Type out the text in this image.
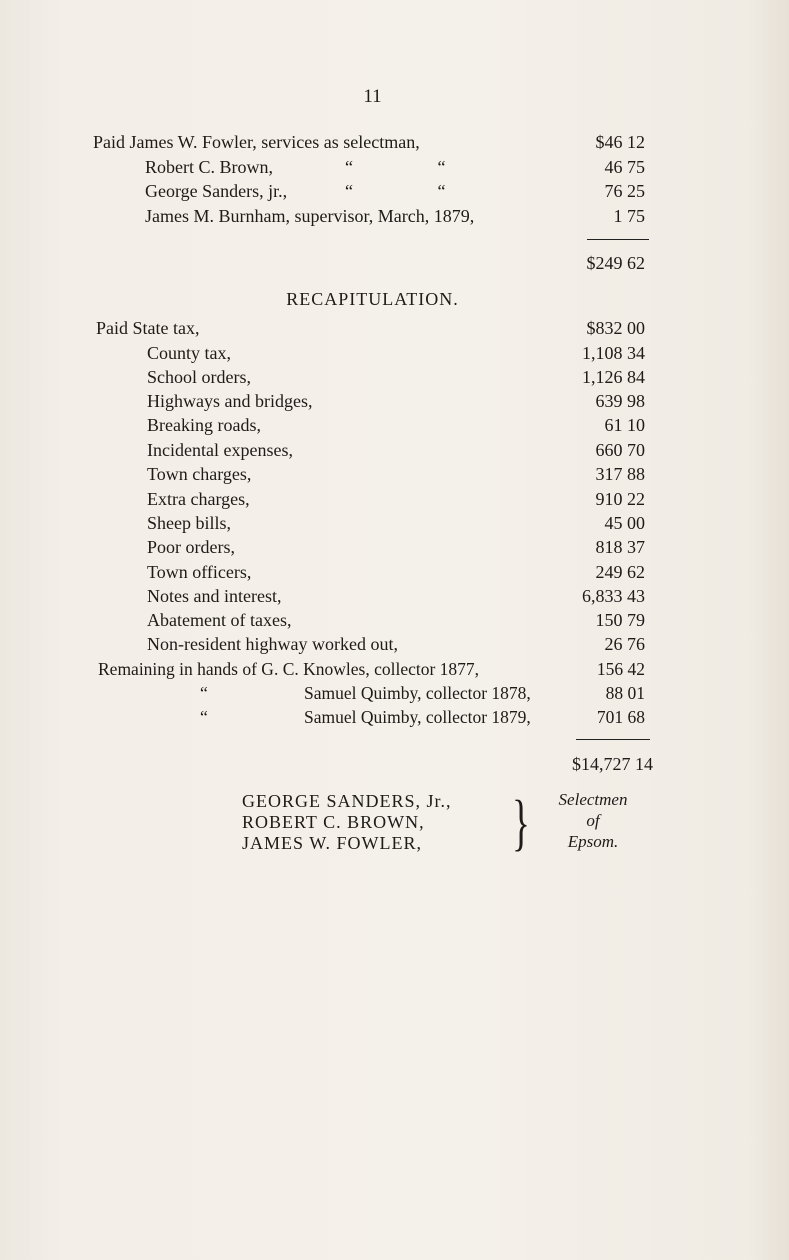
11
Paid James W. Fowler, services as selectman,	$46 12
Robert C. Brown,	“ “	46 75
George Sanders, jr.,	“ “	76 25
James M. Burnham, supervisor, March, 1879,	1 75
$249 62
RECAPITULATION.
Paid State tax,	$832 00
County tax,	1,108 34
School orders,	1,126 84
Highways and bridges,	639 98
Breaking roads,	61 10
Incidental expenses,	660 70
Town charges,	317 88
Extra charges,	910 22
Sheep bills,	45 00
Poor orders,	818 37
Town officers,	249 62
Notes and interest,	6,833 43
Abatement of taxes,	150 79
Non-resident highway worked out,	26 76
Remaining in hands of G. C. Knowles, collector 1877,	156 42
“	Samuel Quimby, collector 1878,	88 01
“	Samuel Quimby, collector 1879,	701 68
$14,727 14
GEORGE SANDERS, Jr.,
ROBERT C. BROWN,
JAMES W. FOWLER, }	Selectmen
of
Epsom.
